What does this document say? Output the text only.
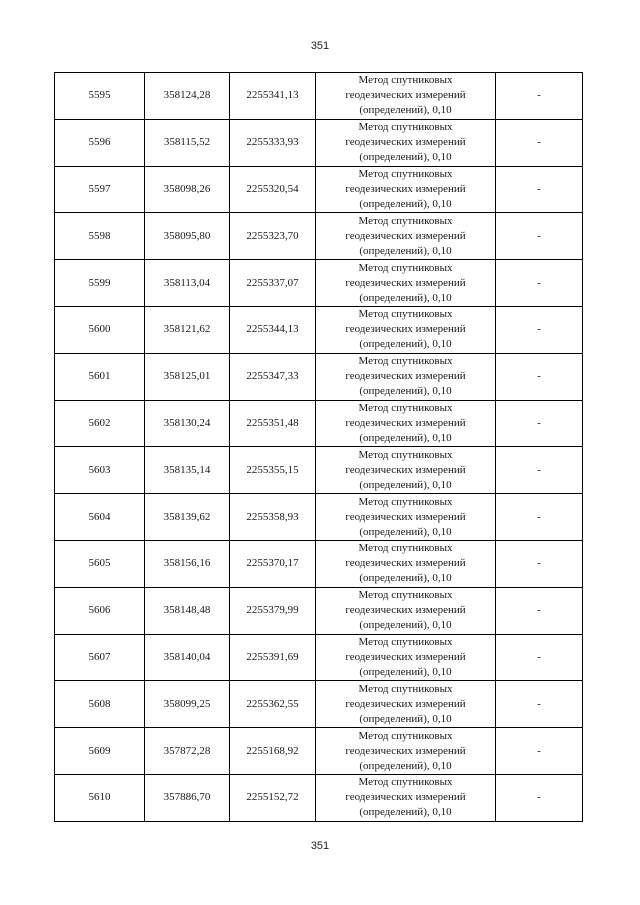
351
5595	358124,28	2255341,13	Метод спутниковых
геодезических измерений
(определений), 0,10	-
5596	358115,52	2255333,93	Метод спутниковых
геодезических измерений
(определений), 0,10	-
5597	358098,26	2255320,54	Метод спутниковых
геодезических измерений
(определений), 0,10	-
5598	358095,80	2255323,70	Метод спутниковых
геодезических измерений
(определений), 0,10	-
5599	358113,04	2255337,07	Метод спутниковых
геодезических измерений
(определений), 0,10	-
5600	358121,62	2255344,13	Метод спутниковых
геодезических измерений
(определений), 0,10	-
5601	358125,01	2255347,33	Метод спутниковых
геодезических измерений
(определений), 0,10	-
5602	358130,24	2255351,48	Метод спутниковых
геодезических измерений
(определений), 0,10	-
5603	358135,14	2255355,15	Метод спутниковых
геодезических измерений
(определений), 0,10	-
5604	358139,62	2255358,93	Метод спутниковых
геодезических измерений
(определений), 0,10	-
5605	358156,16	2255370,17	Метод спутниковых
геодезических измерений
(определений), 0,10	-
5606	358148,48	2255379,99	Метод спутниковых
геодезических измерений
(определений), 0,10	-
5607	358140,04	2255391,69	Метод спутниковых
геодезических измерений
(определений), 0,10	-
5608	358099,25	2255362,55	Метод спутниковых
геодезических измерений
(определений), 0,10	-
5609	357872,28	2255168,92	Метод спутниковых
геодезических измерений
(определений), 0,10	-
5610	357886,70	2255152,72	Метод спутниковых
геодезических измерений
(определений), 0,10	-
351
